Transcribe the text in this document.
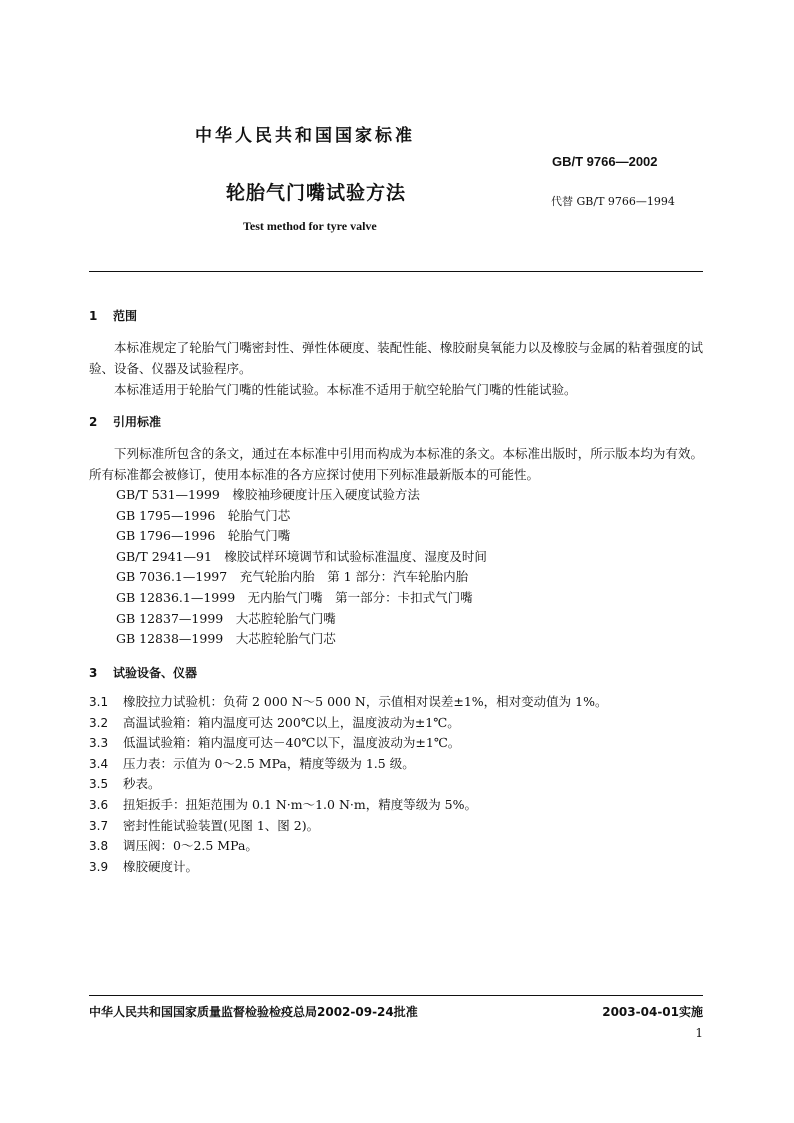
中华人民共和国国家标准
GB/T 9766—2002
轮胎气门嘴试验方法	代替 GB/T 9766—1994
Test method for tyre valve
1 范围

本标准规定了轮胎气门嘴密封性、弹性体硬度、装配性能、橡胶耐臭氧能力以及橡胶与金属的粘着强度的试验、设备、仪器及试验程序。

本标准适用于轮胎气门嘴的性能试验。本标准不适用于航空轮胎气门嘴的性能试验。

2 引用标准

下列标准所包含的条文，通过在本标准中引用而构成为本标准的条文。本标准出版时，所示版本均为有效。所有标准都会被修订，使用本标准的各方应探讨使用下列标准最新版本的可能性。

GB/T 531—1999　橡胶袖珍硬度计压入硬度试验方法
GB 1795—1996　轮胎气门芯
GB 1796—1996　轮胎气门嘴
GB/T 2941—91　橡胶试样环境调节和试验标准温度、湿度及时间
GB 7036.1—1997　充气轮胎内胎　第 1 部分：汽车轮胎内胎
GB 12836.1—1999　无内胎气门嘴　第一部分：卡扣式气门嘴
GB 12837—1999　大芯腔轮胎气门嘴
GB 12838—1999　大芯腔轮胎气门芯
3 试验设备、仪器
3.1 橡胶拉力试验机：负荷 2 000 N～5 000 N，示值相对误差±1%，相对变动值为 1%。
3.2 高温试验箱：箱内温度可达 200℃以上，温度波动为±1℃。
3.3 低温试验箱：箱内温度可达－40℃以下，温度波动为±1℃。
3.4 压力表：示值为 0～2.5 MPa，精度等级为 1.5 级。
3.5 秒表。
3.6 扭矩扳手：扭矩范围为 0.1 N·m～1.0 N·m，精度等级为 5%。
3.7 密封性能试验装置(见图 1、图 2)。
3.8 调压阀：0～2.5 MPa。
3.9 橡胶硬度计。
中华人民共和国国家质量监督检验检疫总局2002-09-24批准	2003-04-01实施
1
